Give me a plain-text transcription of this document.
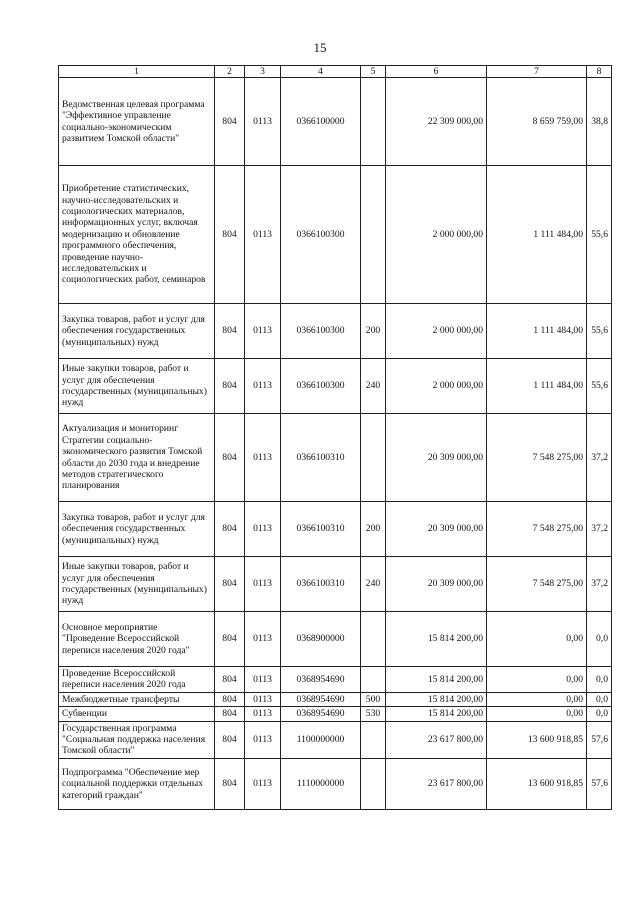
15
1	2	3	4	5	6	7	8
Ведомственная целевая программа "Эффективное управление социально-экономическим развитием Томской области"	804	0113	0366100000		22 309 000,00	8 659 759,00	38,8
Приобретение статистических, научно-исследовательских и социологических материалов, информационных услуг, включая модернизацию и обновление программного обеспечения, проведение научно-исследовательских и социологических работ, семинаров	804	0113	0366100300		2 000 000,00	1 111 484,00	55,6
Закупка товаров, работ и услуг для обеспечения государственных (муниципальных) нужд	804	0113	0366100300	200	2 000 000,00	1 111 484,00	55,6
Иные закупки товаров, работ и услуг для обеспечения государственных (муниципальных) нужд	804	0113	0366100300	240	2 000 000,00	1 111 484,00	55,6
Актуализация и мониторинг Стратегии социально-экономического развития Томской области до 2030 года и внедрение методов стратегического планирования	804	0113	0366100310		20 309 000,00	7 548 275,00	37,2
Закупка товаров, работ и услуг для обеспечения государственных (муниципальных) нужд	804	0113	0366100310	200	20 309 000,00	7 548 275,00	37,2
Иные закупки товаров, работ и услуг для обеспечения государственных (муниципальных) нужд	804	0113	0366100310	240	20 309 000,00	7 548 275,00	37,2
Основное мероприятие "Проведение Всероссийской переписи населения 2020 года"	804	0113	0368900000		15 814 200,00	0,00	0,0
Проведение Всероссийской переписи населения 2020 года	804	0113	0368954690		15 814 200,00	0,00	0,0
Межбюджетные трансферты	804	0113	0368954690	500	15 814 200,00	0,00	0,0
Субвенции	804	0113	0368954690	530	15 814 200,00	0,00	0,0
Государственная программа "Социальная поддержка населения Томской области"	804	0113	1100000000		23 617 800,00	13 600 918,85	57,6
Подпрограмма "Обеспечение мер социальной поддержки отдельных категорий граждан"	804	0113	1110000000		23 617 800,00	13 600 918,85	57,6
